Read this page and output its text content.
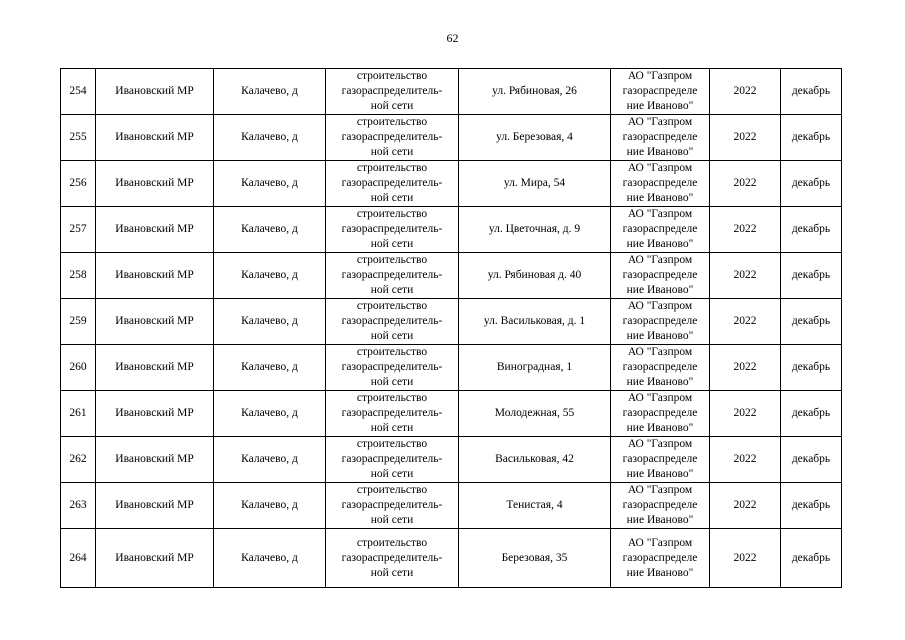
62
254	Ивановский МР	Калачево, д	строительство
газораспределитель-
ной сети	ул. Рябиновая, 26	АО "Газпром
газораспределе
ние Иваново"	2022	декабрь
255	Ивановский МР	Калачево, д	строительство
газораспределитель-
ной сети	ул. Березовая, 4	АО "Газпром
газораспределе
ние Иваново"	2022	декабрь
256	Ивановский МР	Калачево, д	строительство
газораспределитель-
ной сети	ул. Мира, 54	АО "Газпром
газораспределе
ние Иваново"	2022	декабрь
257	Ивановский МР	Калачево, д	строительство
газораспределитель-
ной сети	ул. Цветочная, д. 9	АО "Газпром
газораспределе
ние Иваново"	2022	декабрь
258	Ивановский МР	Калачево, д	строительство
газораспределитель-
ной сети	ул. Рябиновая д. 40	АО "Газпром
газораспределе
ние Иваново"	2022	декабрь
259	Ивановский МР	Калачево, д	строительство
газораспределитель-
ной сети	ул. Васильковая, д. 1	АО "Газпром
газораспределе
ние Иваново"	2022	декабрь
260	Ивановский МР	Калачево, д	строительство
газораспределитель-
ной сети	Виноградная, 1	АО "Газпром
газораспределе
ние Иваново"	2022	декабрь
261	Ивановский МР	Калачево, д	строительство
газораспределитель-
ной сети	Молодежная, 55	АО "Газпром
газораспределе
ние Иваново"	2022	декабрь
262	Ивановский МР	Калачево, д	строительство
газораспределитель-
ной сети	Васильковая, 42	АО "Газпром
газораспределе
ние Иваново"	2022	декабрь
263	Ивановский МР	Калачево, д	строительство
газораспределитель-
ной сети	Тенистая, 4	АО "Газпром
газораспределе
ние Иваново"	2022	декабрь
264	Ивановский МР	Калачево, д	строительство
газораспределитель-
ной сети	Березовая, 35	АО "Газпром
газораспределе
ние Иваново"	2022	декабрь
